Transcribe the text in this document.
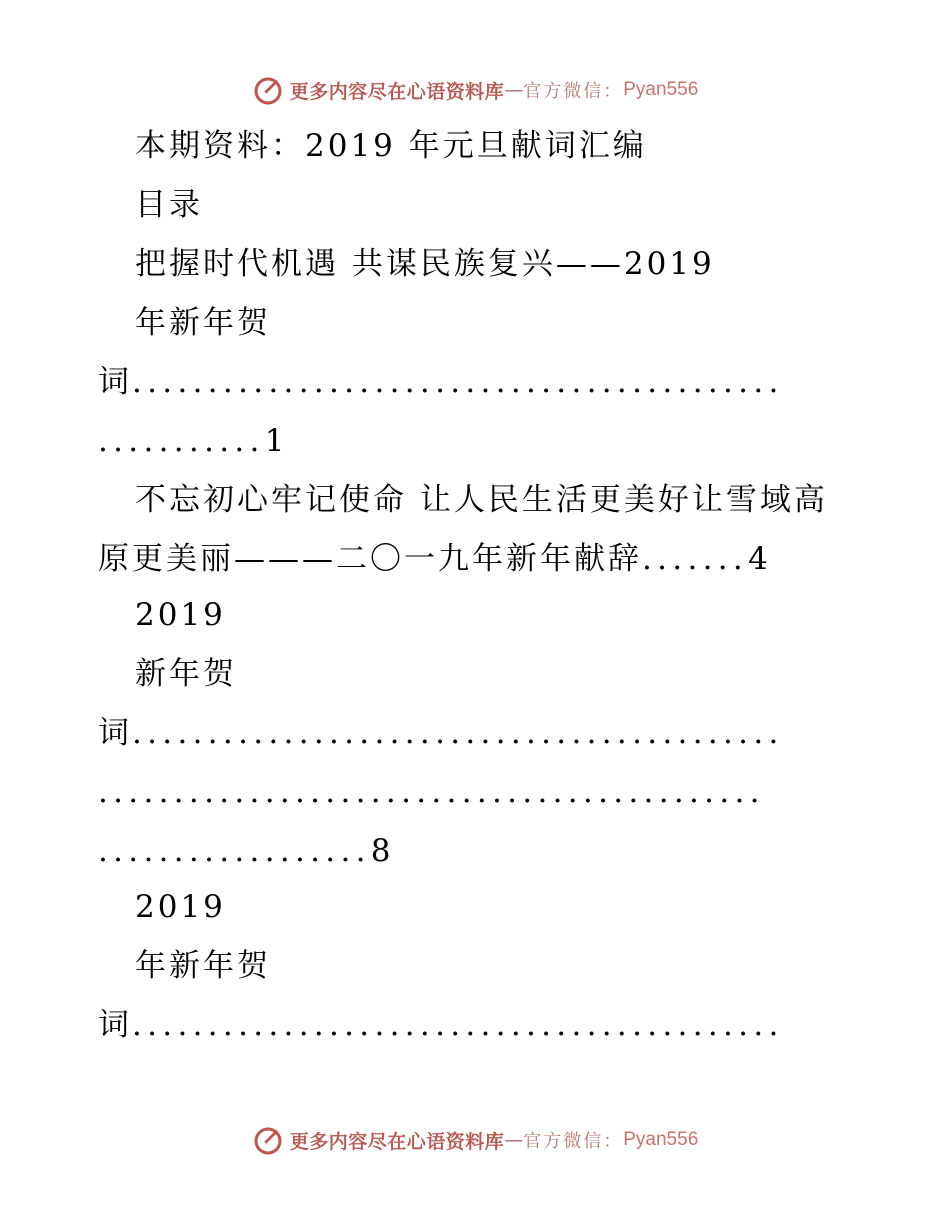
更多内容尽在心语资料库 — 官方微信： Pyan556
本期资料：2019 年元旦献词汇编
目录
把握时代机遇 共谋民族复兴——2019
年新年贺
词...........................................
...........1
不忘初心牢记使命 让人民生活更美好让雪域高
原更美丽———二〇一九年新年献辞.......4
2019
新年贺
词...........................................
............................................
..................8
2019
年新年贺
词...........................................
更多内容尽在心语资料库 — 官方微信： Pyan556
